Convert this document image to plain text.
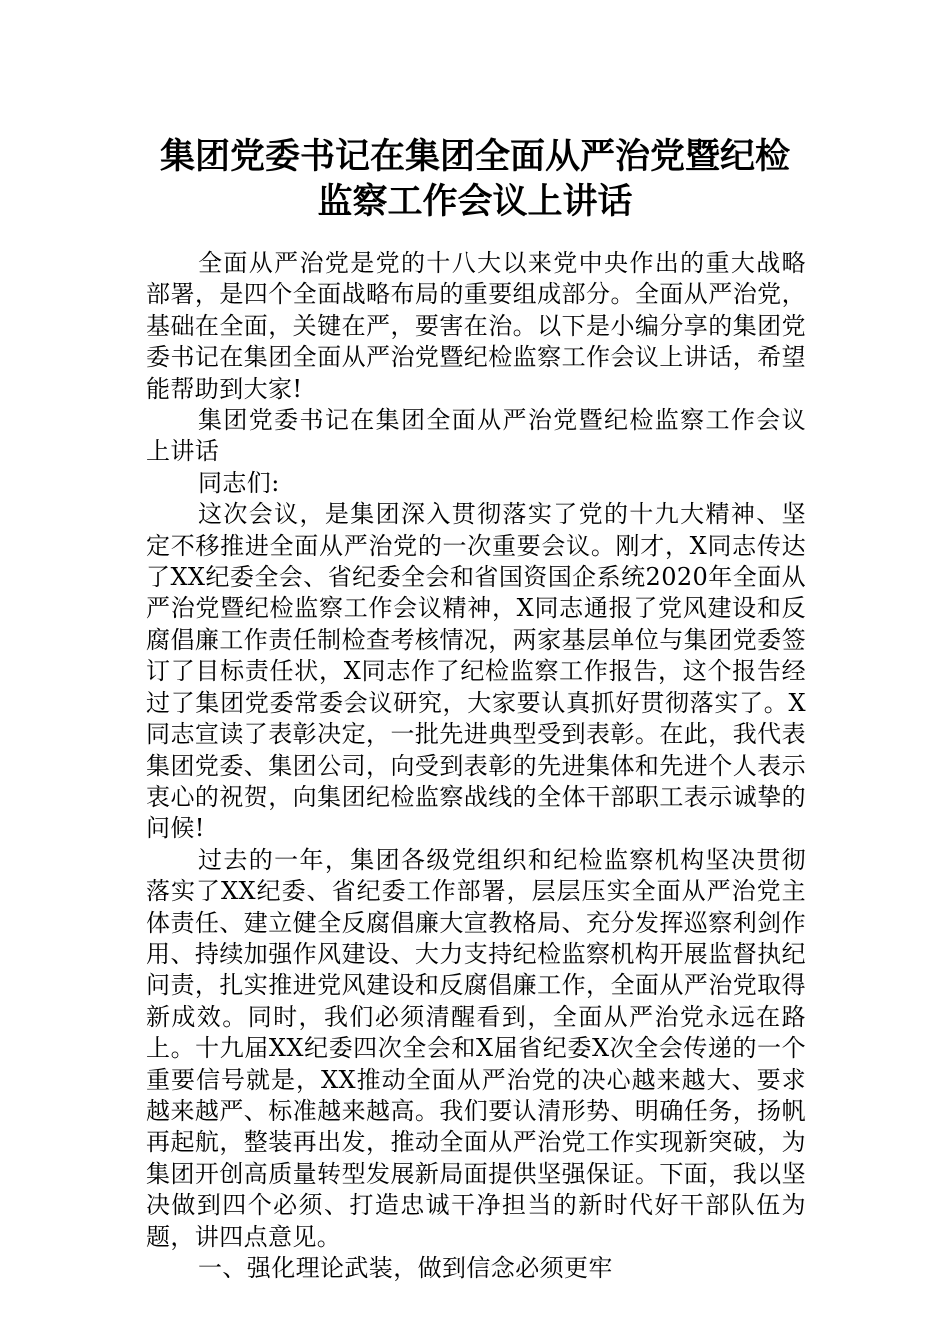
集团党委书记在集团全面从严治党暨纪检
监察工作会议上讲话

全面从严治党是党的十八大以来党中央作出的重大战略部署，是四个全面战略布局的重要组成部分。全面从严治党，基础在全面，关键在严，要害在治。以下是小编分享的集团党委书记在集团全面从严治党暨纪检监察工作会议上讲话，希望能帮助到大家!

集团党委书记在集团全面从严治党暨纪检监察工作会议上讲话

同志们:

这次会议，是集团深入贯彻落实了党的十九大精神、坚定不移推进全面从严治党的一次重要会议。刚才，X同志传达了XX纪委全会、省纪委全会和省国资国企系统2020年全面从严治党暨纪检监察工作会议精神，X同志通报了党风建设和反腐倡廉工作责任制检查考核情况，两家基层单位与集团党委签订了目标责任状，X同志作了纪检监察工作报告，这个报告经过了集团党委常委会议研究，大家要认真抓好贯彻落实了。X同志宣读了表彰决定，一批先进典型受到表彰。在此，我代表集团党委、集团公司，向受到表彰的先进集体和先进个人表示衷心的祝贺，向集团纪检监察战线的全体干部职工表示诚挚的问候!

过去的一年，集团各级党组织和纪检监察机构坚决贯彻落实了XX纪委、省纪委工作部署，层层压实全面从严治党主体责任、建立健全反腐倡廉大宣教格局、充分发挥巡察利剑作用、持续加强作风建设、大力支持纪检监察机构开展监督执纪问责，扎实推进党风建设和反腐倡廉工作，全面从严治党取得新成效。同时，我们必须清醒看到，全面从严治党永远在路上。十九届XX纪委四次全会和X届省纪委X次全会传递的一个重要信号就是，XX推动全面从严治党的决心越来越大、要求越来越严、标准越来越高。我们要认清形势、明确任务，扬帆再起航，整装再出发，推动全面从严治党工作实现新突破，为集团开创高质量转型发展新局面提供坚强保证。下面，我以坚决做到四个必须、打造忠诚干净担当的新时代好干部队伍为题，讲四点意见。

一、强化理论武装，做到信念必须更牢
